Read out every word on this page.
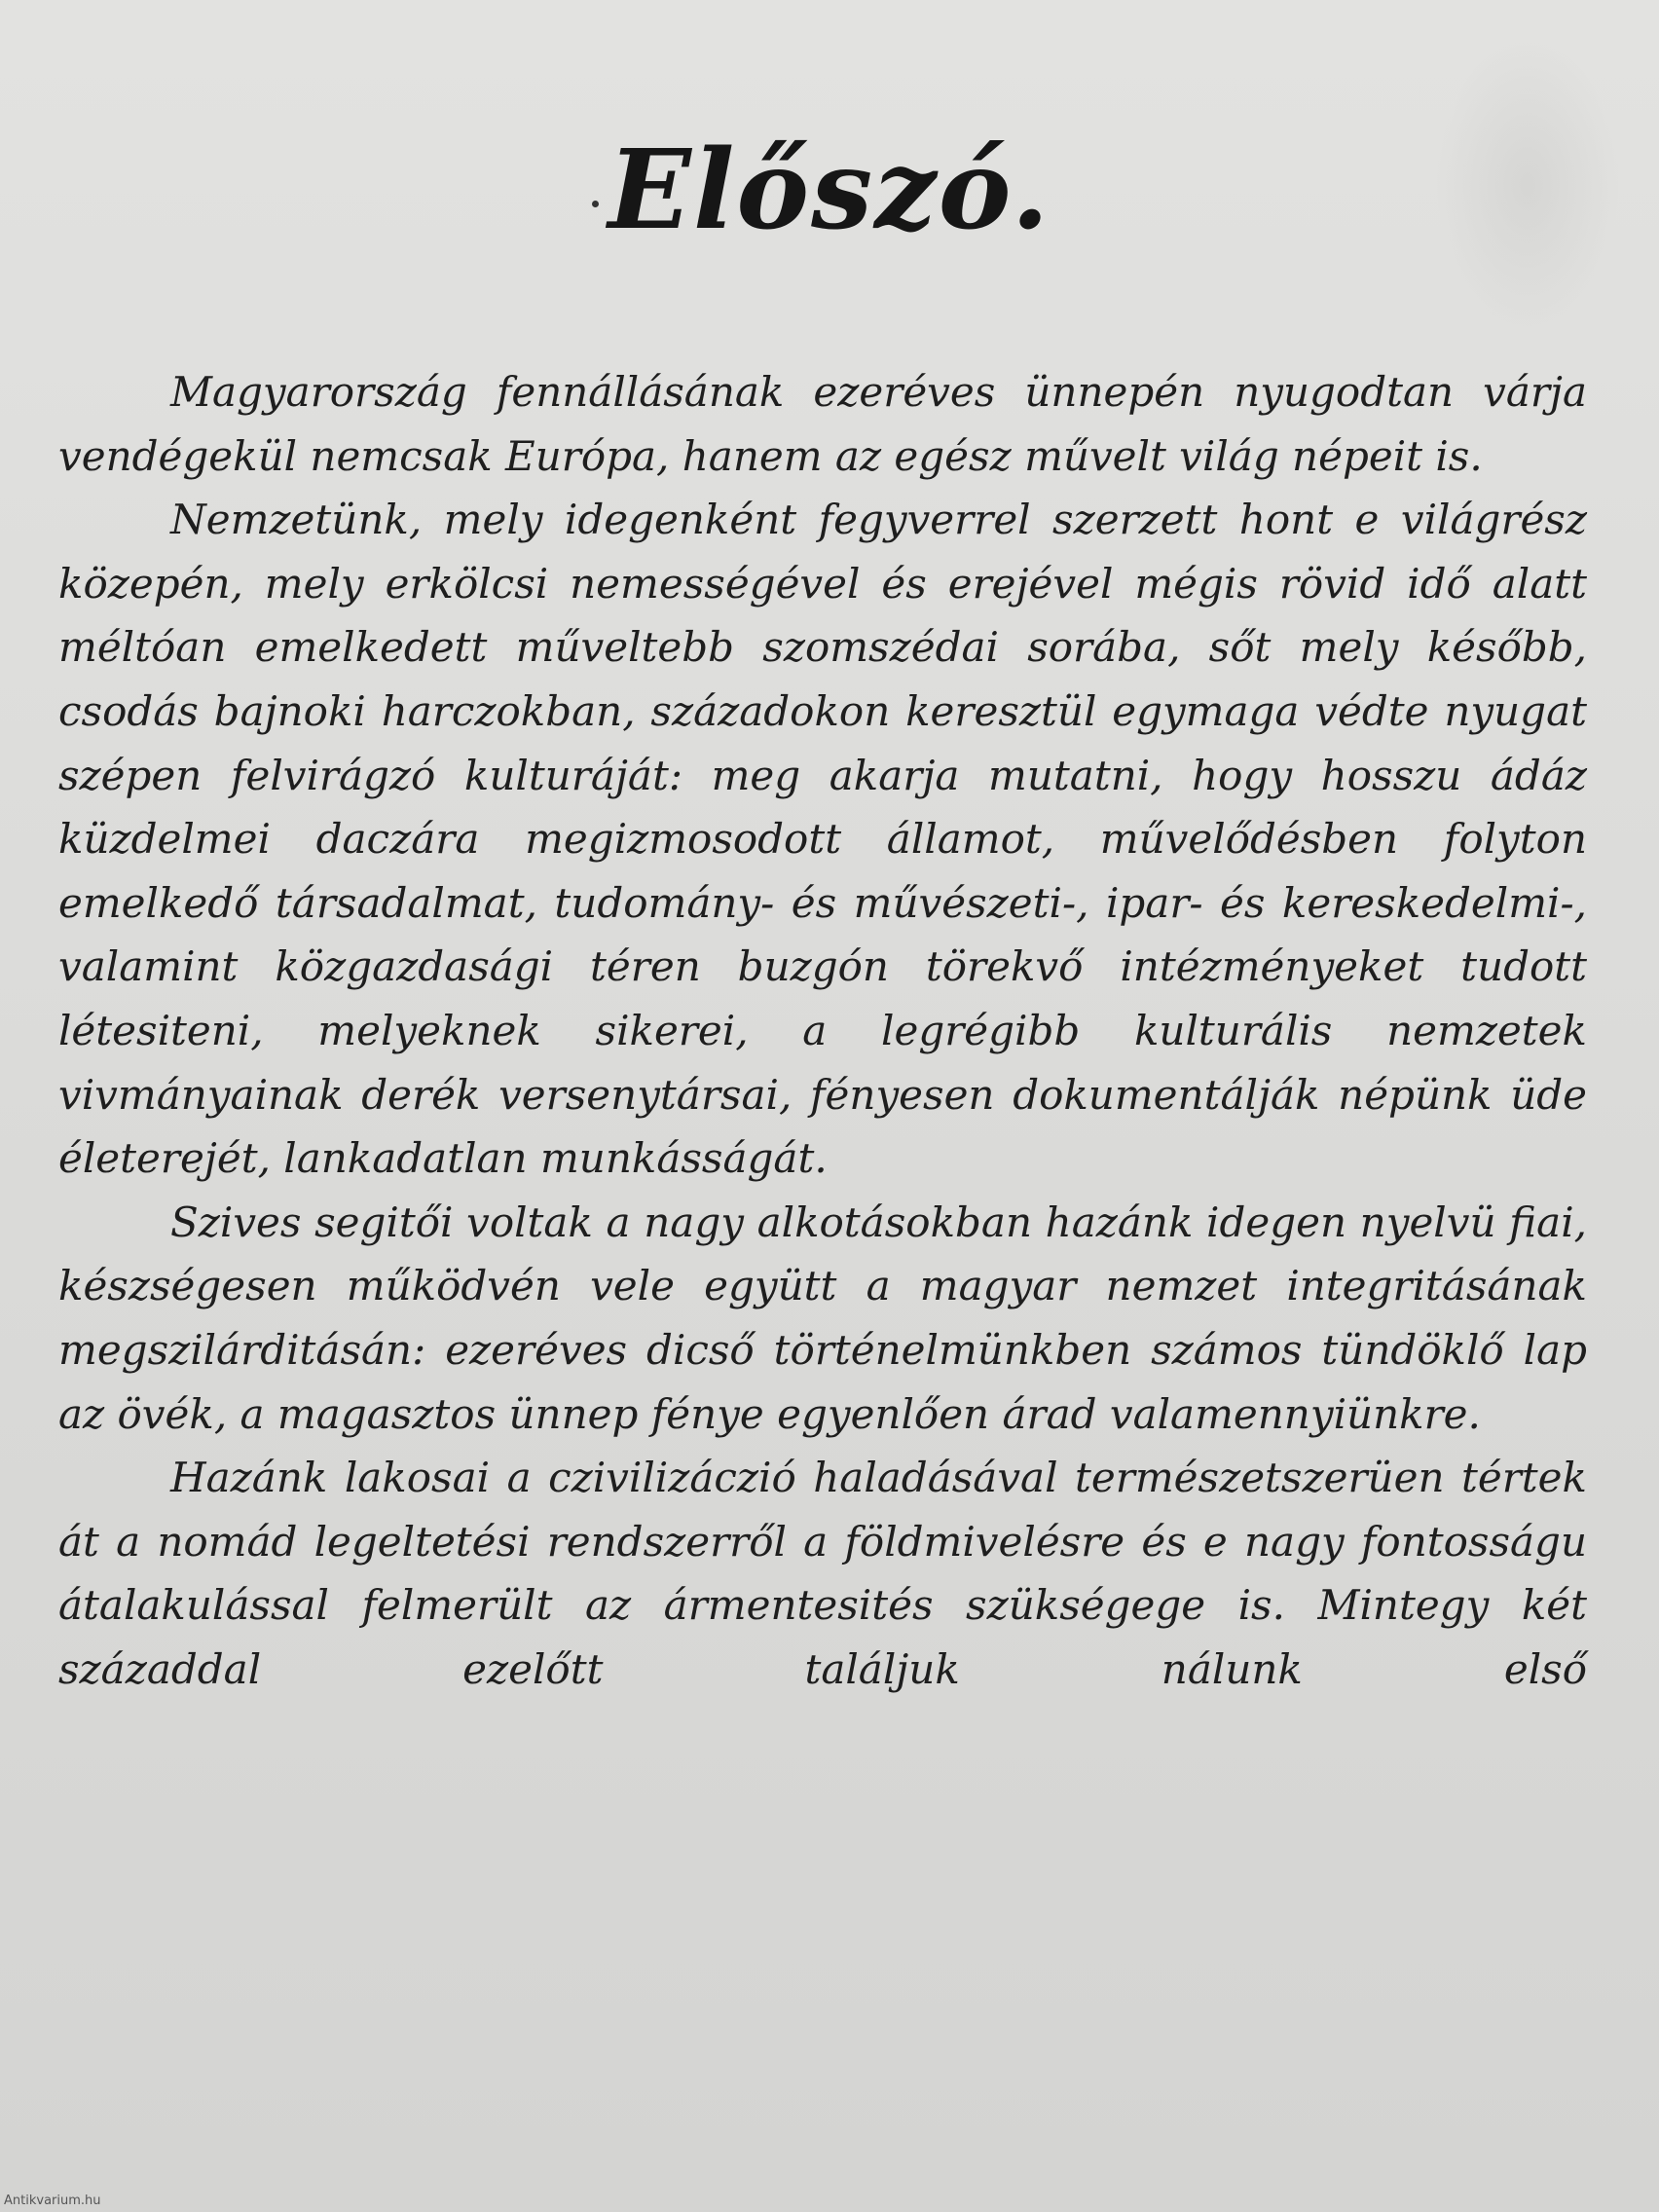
Előszó.

Magyarország fennállásának ezeréves ünnepén nyugodtan várja vendégekül nemcsak Európa, hanem az egész művelt világ népeit is.

Nemzetünk, mely idegenként fegyverrel szerzett hont e világrész közepén, mely erkölcsi nemességével és erejével mégis rövid idő alatt méltóan emelkedett műveltebb szomszédai sorába, sőt mely később, csodás bajnoki harczokban, századokon keresztül egymaga védte nyugat szépen felvirágzó kulturáját: meg akarja mutatni, hogy hosszu ádáz küzdelmei daczára megizmosodott államot, művelődésben folyton emelkedő társadalmat, tudomány- és művészeti-, ipar- és kereskedelmi-, valamint közgazdasági téren buzgón törekvő intézményeket tudott létesiteni, melyeknek sikerei, a legrégibb kulturális nemzetek vivmányainak derék versenytársai, fényesen dokumentálják népünk üde életerejét, lankadatlan munkásságát.

Szives segitői voltak a nagy alkotásokban hazánk idegen nyelvü fiai, készségesen működvén vele együtt a magyar nemzet integritásának megszilárditásán: ezeréves dicső történelmünkben számos tündöklő lap az övék, a magasztos ünnep fénye egyenlően árad valamennyiünkre.

Hazánk lakosai a czivilizáczió haladásával természetszerüen tértek át a nomád legeltetési rendszerről a földmivelésre és e nagy fontosságu átalakulással felmerült az ármentesités szükségege is. Mintegy két századdal ezelőtt találjuk nálunk első

Antikvarium.hu
